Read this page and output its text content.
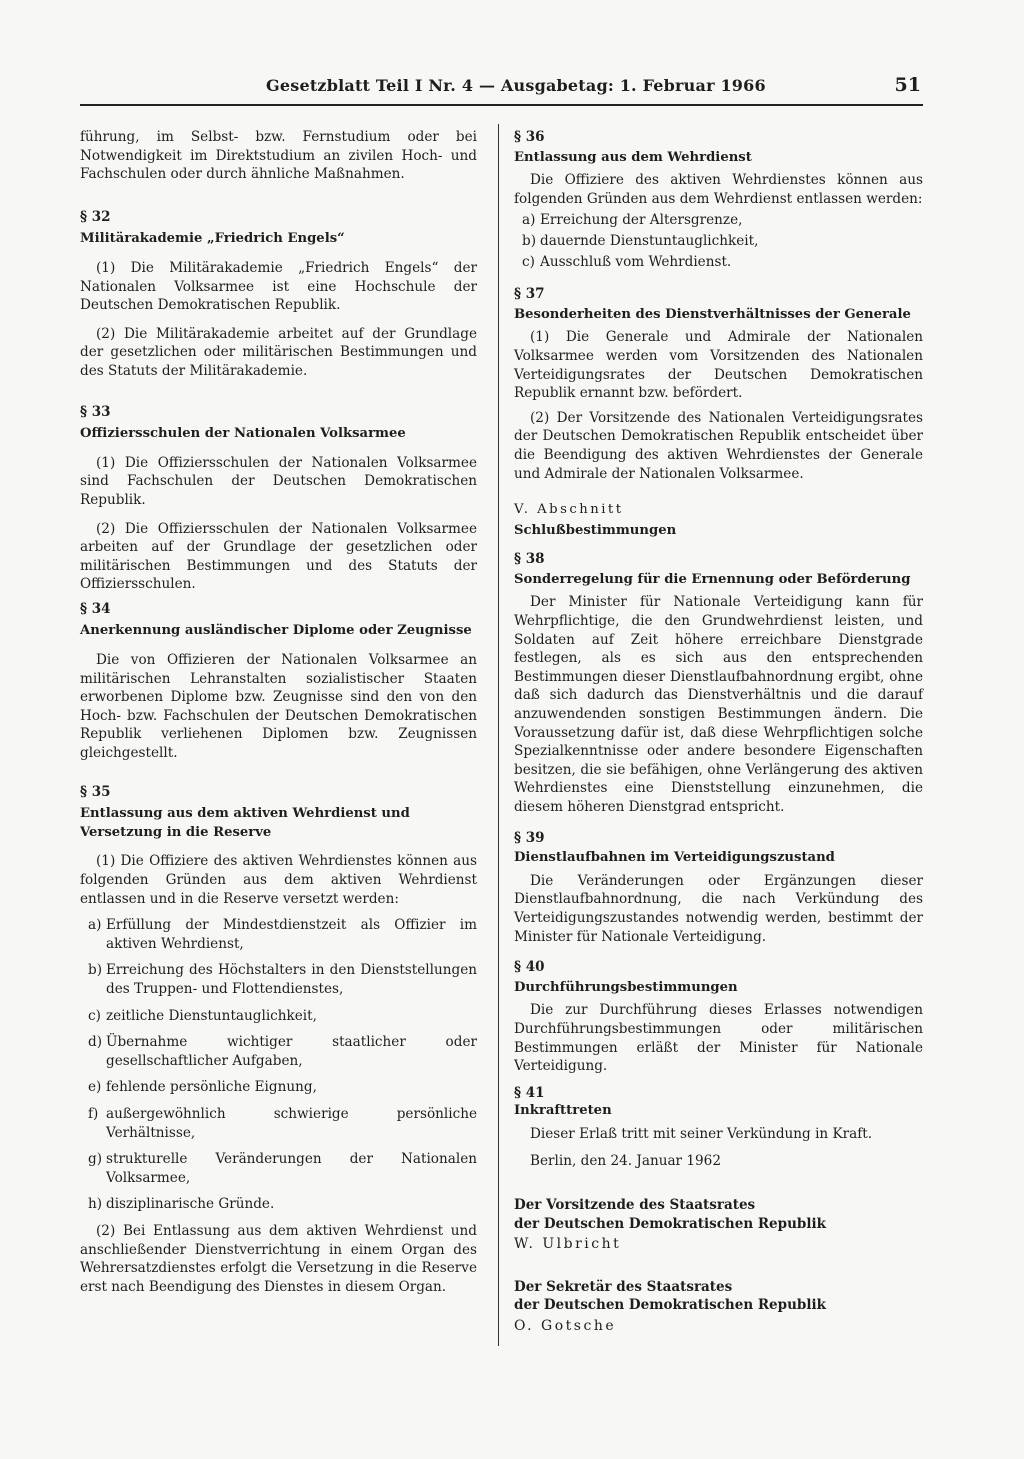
Gesetzblatt Teil I Nr. 4 — Ausgabetag: 1. Februar 1966	51

führung, im Selbst- bzw. Fernstudium oder bei Notwendigkeit im Direktstudium an zivilen Hoch- und Fachschulen oder durch ähnliche Maßnahmen.

§ 32

Militärakademie „Friedrich Engels“

(1) Die Militärakademie „Friedrich Engels“ der Nationalen Volksarmee ist eine Hochschule der Deutschen Demokratischen Republik.

(2) Die Militärakademie arbeitet auf der Grundlage der gesetzlichen oder militärischen Bestimmungen und des Statuts der Militärakademie.

§ 33

Offiziersschulen der Nationalen Volksarmee

(1) Die Offiziersschulen der Nationalen Volksarmee sind Fachschulen der Deutschen Demokratischen Republik.

(2) Die Offiziersschulen der Nationalen Volksarmee arbeiten auf der Grundlage der gesetzlichen oder militärischen Bestimmungen und des Statuts der Offiziersschulen.

§ 34

Anerkennung ausländischer Diplome oder Zeugnisse

Die von Offizieren der Nationalen Volksarmee an militärischen Lehranstalten sozialistischer Staaten erworbenen Diplome bzw. Zeugnisse sind den von den Hoch- bzw. Fachschulen der Deutschen Demokratischen Republik verliehenen Diplomen bzw. Zeugnissen gleichgestellt.

§ 35

Entlassung aus dem aktiven Wehrdienst und

Versetzung in die Reserve

(1) Die Offiziere des aktiven Wehrdienstes können aus folgenden Gründen aus dem aktiven Wehrdienst entlassen und in die Reserve versetzt werden:

a) Erfüllung der Mindestdienstzeit als Offizier im aktiven Wehrdienst,
b) Erreichung des Höchstalters in den Dienststellungen des Truppen- und Flottendienstes,
c) zeitliche Dienstuntauglichkeit,
d) Übernahme wichtiger staatlicher oder gesellschaftlicher Aufgaben,
e) fehlende persönliche Eignung,
f) außergewöhnlich schwierige persönliche Verhältnisse,
g) strukturelle Veränderungen der Nationalen Volksarmee,
h) disziplinarische Gründe.

(2) Bei Entlassung aus dem aktiven Wehrdienst und anschließender Dienstverrichtung in einem Organ des Wehrersatzdienstes erfolgt die Versetzung in die Reserve erst nach Beendigung des Dienstes in diesem Organ.

§ 36

Entlassung aus dem Wehrdienst

Die Offiziere des aktiven Wehrdienstes können aus folgenden Gründen aus dem Wehrdienst entlassen werden:

a) Erreichung der Altersgrenze,
b) dauernde Dienstuntauglichkeit,
c) Ausschluß vom Wehrdienst.

§ 37

Besonderheiten des Dienstverhältnisses der Generale

(1) Die Generale und Admirale der Nationalen Volksarmee werden vom Vorsitzenden des Nationalen Verteidigungsrates der Deutschen Demokratischen Republik ernannt bzw. befördert.

(2) Der Vorsitzende des Nationalen Verteidigungsrates der Deutschen Demokratischen Republik entscheidet über die Beendigung des aktiven Wehrdienstes der Generale und Admirale der Nationalen Volksarmee.

V. Abschnitt

Schlußbestimmungen

§ 38

Sonderregelung für die Ernennung oder Beförderung

Der Minister für Nationale Verteidigung kann für Wehrpflichtige, die den Grundwehrdienst leisten, und Soldaten auf Zeit höhere erreichbare Dienstgrade festlegen, als es sich aus den entsprechenden Bestimmungen dieser Dienstlaufbahnordnung ergibt, ohne daß sich dadurch das Dienstverhältnis und die darauf anzuwendenden sonstigen Bestimmungen ändern. Die Voraussetzung dafür ist, daß diese Wehrpflichtigen solche Spezialkenntnisse oder andere besondere Eigenschaften besitzen, die sie befähigen, ohne Verlängerung des aktiven Wehrdienstes eine Dienststellung einzunehmen, die diesem höheren Dienstgrad entspricht.

§ 39

Dienstlaufbahnen im Verteidigungszustand

Die Veränderungen oder Ergänzungen dieser Dienstlaufbahnordnung, die nach Verkündung des Verteidigungszustandes notwendig werden, bestimmt der Minister für Nationale Verteidigung.

§ 40

Durchführungsbestimmungen

Die zur Durchführung dieses Erlasses notwendigen Durchführungsbestimmungen oder militärischen Bestimmungen erläßt der Minister für Nationale Verteidigung.

§ 41

Inkrafttreten

Dieser Erlaß tritt mit seiner Verkündung in Kraft.

Berlin, den 24. Januar 1962

Der Vorsitzende des Staatsrates

der Deutschen Demokratischen Republik

W. Ulbricht

Der Sekretär des Staatsrates

der Deutschen Demokratischen Republik

O. Gotsche
